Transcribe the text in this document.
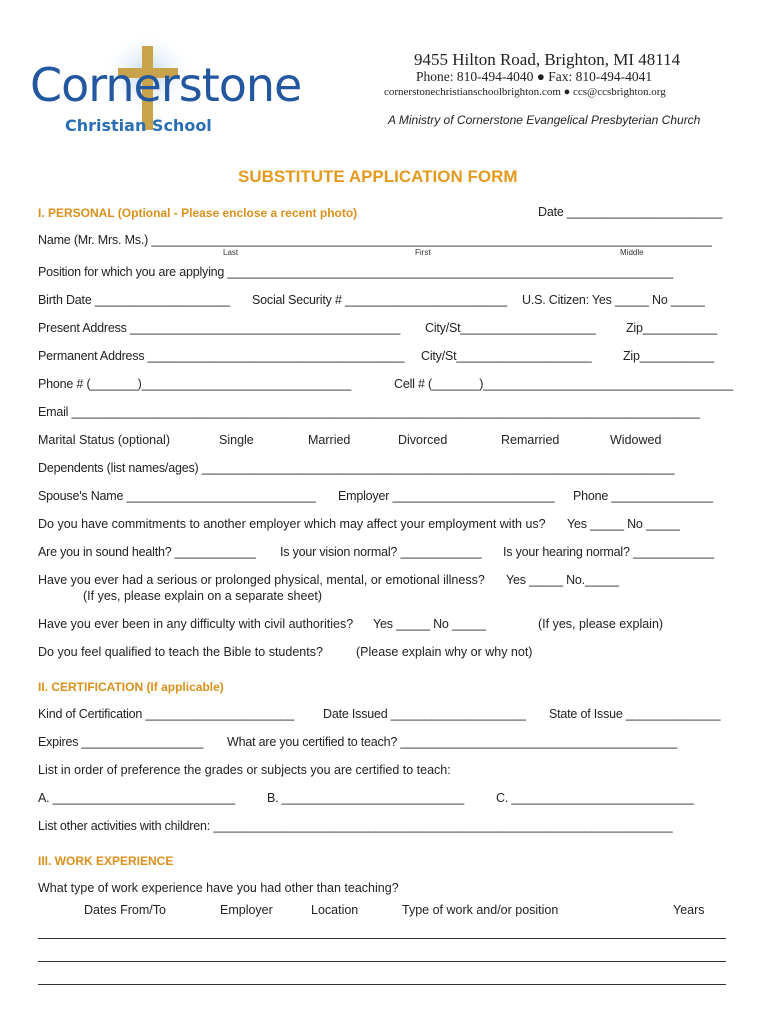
Cornerstone
Christian School
9455 Hilton Road, Brighton, MI 48114
Phone: 810-494-4040 ● Fax: 810-494-4041
cornerstonechristianschoolbrighton.com ● ccs@ccsbrighton.org
A Ministry of Cornerstone Evangelical Presbyterian Church
SUBSTITUTE APPLICATION FORM
I. PERSONAL (Optional - Please enclose a recent photo)	Date _______________________
Name (Mr. Mrs. Ms.) ___________________________________________________________________________________
Last	First	Middle
Position for which you are applying __________________________________________________________________
Birth Date ____________________ Social Security # ________________________ U.S. Citizen: Yes _____ No _____
Present Address ________________________________________ City/St____________________ Zip___________
Permanent Address ______________________________________ City/St____________________	Zip___________
Phone # (_______)_______________________________	Cell # (_______)_____________________________________
Email _____________________________________________________________________________________________
Marital Status (optional)	Single	Married	Divorced	Remarried	Widowed
Dependents (list names/ages) ______________________________________________________________________
Spouse's Name ____________________________ Employer ________________________ Phone _______________
Do you have commitments to another employer which may affect your employment with us? Yes _____ No _____
Are you in sound health? ____________ Is your vision normal? ____________ Is your hearing normal? ____________
Have you ever had a serious or prolonged physical, mental, or emotional illness? Yes _____ No._____
(If yes, please explain on a separate sheet)
Have you ever been in any difficulty with civil authorities? Yes _____ No _____	(If yes, please explain)
Do you feel qualified to teach the Bible to students?	(Please explain why or why not)
II. CERTIFICATION (If applicable)
Kind of Certification ______________________ Date Issued ____________________ State of Issue ______________
Expires __________________ What are you certified to teach? _________________________________________
List in order of preference the grades or subjects you are certified to teach:
A. ___________________________	B. ___________________________	C. ___________________________
List other activities with children: ____________________________________________________________________
III. WORK EXPERIENCE
What type of work experience have you had other than teaching?
Dates From/To	Employer	Location	Type of work and/or position	Years
